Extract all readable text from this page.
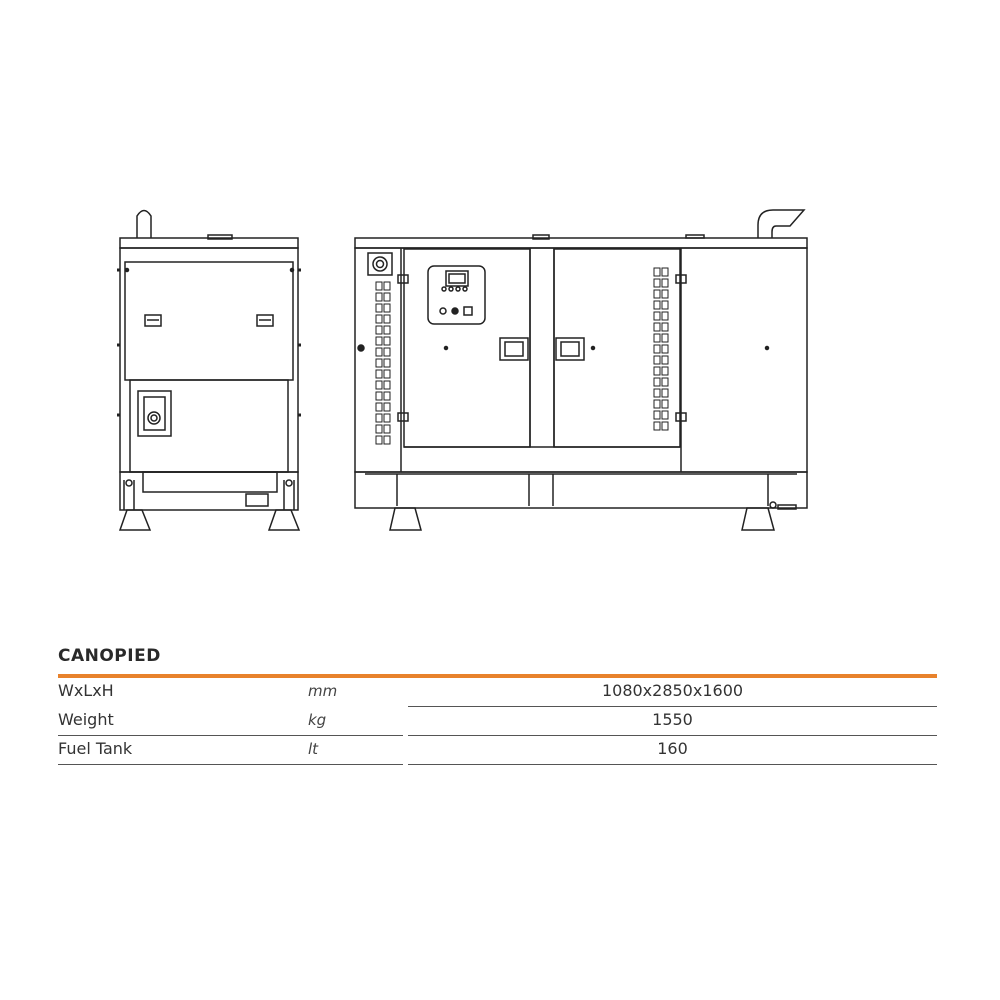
CANOPIED
WxLxH	mm	1080x2850x1600
Weight	kg	1550
Fuel Tank	lt	160
